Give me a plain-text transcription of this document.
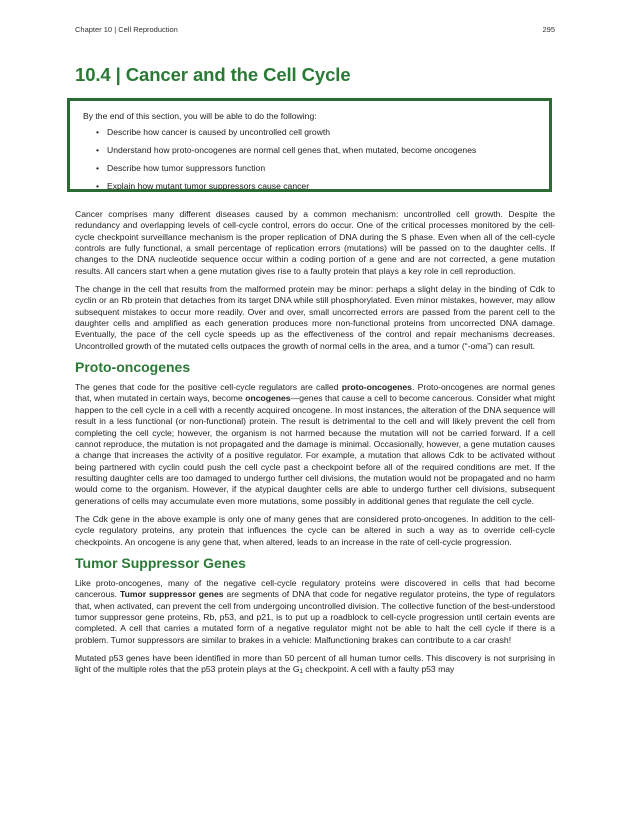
Chapter 10 | Cell Reproduction	295
10.4 | Cancer and the Cell Cycle

By the end of this section, you will be able to do the following:

• Describe how cancer is caused by uncontrolled cell growth
• Understand how proto-oncogenes are normal cell genes that, when mutated, become oncogenes
• Describe how tumor suppressors function
• Explain how mutant tumor suppressors cause cancer

Cancer comprises many different diseases caused by a common mechanism: uncontrolled cell growth. Despite the redundancy and overlapping levels of cell-cycle control, errors do occur. One of the critical processes monitored by the cell-cycle checkpoint surveillance mechanism is the proper replication of DNA during the S phase. Even when all of the cell-cycle controls are fully functional, a small percentage of replication errors (mutations) will be passed on to the daughter cells. If changes to the DNA nucleotide sequence occur within a coding portion of a gene and are not corrected, a gene mutation results. All cancers start when a gene mutation gives rise to a faulty protein that plays a key role in cell reproduction.

The change in the cell that results from the malformed protein may be minor: perhaps a slight delay in the binding of Cdk to cyclin or an Rb protein that detaches from its target DNA while still phosphorylated. Even minor mistakes, however, may allow subsequent mistakes to occur more readily. Over and over, small uncorrected errors are passed from the parent cell to the daughter cells and amplified as each generation produces more non-functional proteins from uncorrected DNA damage. Eventually, the pace of the cell cycle speeds up as the effectiveness of the control and repair mechanisms decreases. Uncontrolled growth of the mutated cells outpaces the growth of normal cells in the area, and a tumor (“-oma”) can result.

Proto-oncogenes

The genes that code for the positive cell-cycle regulators are called proto-oncogenes. Proto-oncogenes are normal genes that, when mutated in certain ways, become oncogenes—genes that cause a cell to become cancerous. Consider what might happen to the cell cycle in a cell with a recently acquired oncogene. In most instances, the alteration of the DNA sequence will result in a less functional (or non-functional) protein. The result is detrimental to the cell and will likely prevent the cell from completing the cell cycle; however, the organism is not harmed because the mutation will not be carried forward. If a cell cannot reproduce, the mutation is not propagated and the damage is minimal. Occasionally, however, a gene mutation causes a change that increases the activity of a positive regulator. For example, a mutation that allows Cdk to be activated without being partnered with cyclin could push the cell cycle past a checkpoint before all of the required conditions are met. If the resulting daughter cells are too damaged to undergo further cell divisions, the mutation would not be propagated and no harm would come to the organism. However, if the atypical daughter cells are able to undergo further cell divisions, subsequent generations of cells may accumulate even more mutations, some possibly in additional genes that regulate the cell cycle.

The Cdk gene in the above example is only one of many genes that are considered proto-oncogenes. In addition to the cell-cycle regulatory proteins, any protein that influences the cycle can be altered in such a way as to override cell-cycle checkpoints. An oncogene is any gene that, when altered, leads to an increase in the rate of cell-cycle progression.

Tumor Suppressor Genes

Like proto-oncogenes, many of the negative cell-cycle regulatory proteins were discovered in cells that had become cancerous. Tumor suppressor genes are segments of DNA that code for negative regulator proteins, the type of regulators that, when activated, can prevent the cell from undergoing uncontrolled division. The collective function of the best-understood tumor suppressor gene proteins, Rb, p53, and p21, is to put up a roadblock to cell-cycle progression until certain events are completed. A cell that carries a mutated form of a negative regulator might not be able to halt the cell cycle if there is a problem. Tumor suppressors are similar to brakes in a vehicle: Malfunctioning brakes can contribute to a car crash!

Mutated p53 genes have been identified in more than 50 percent of all human tumor cells. This discovery is not surprising in light of the multiple roles that the p53 protein plays at the $G_1$ checkpoint. A cell with a faulty p53 may
